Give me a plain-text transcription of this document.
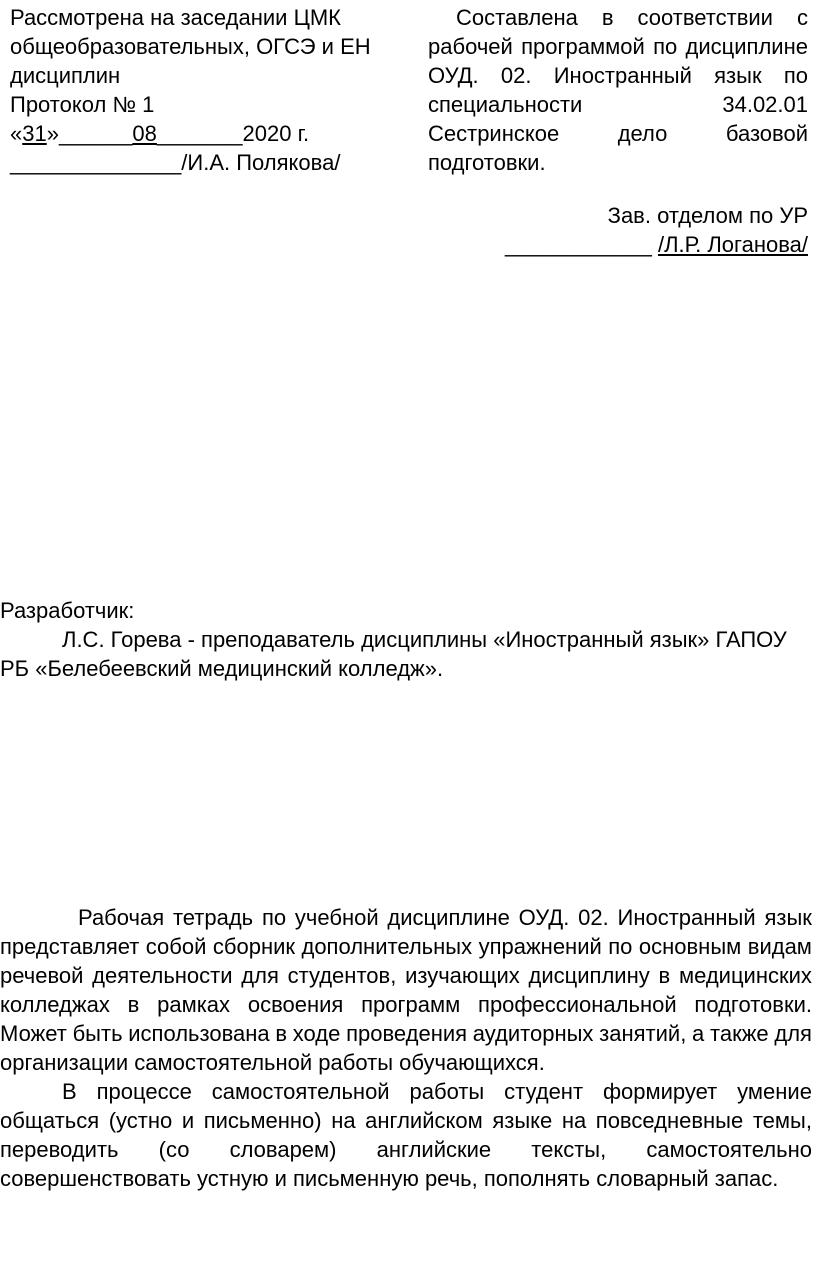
Рассмотрена на заседании ЦМК
общеобразовательных, ОГСЭ и ЕН
дисциплин
Протокол № 1
«31»______08_______2020 г.
______________/И.А. Полякова/
Составлена в соответствии с
рабочей программой по дисциплине
ОУД. 02. Иностранный язык по
специальности	34.02.01
Сестринское	дело	базовой
подготовки.
Зав. отделом по УР
____________ /Л.Р. Логанова/
Разработчик:
Л.С. Горева - преподаватель дисциплины «Иностранный язык» ГАПОУ
РБ «Белебеевский медицинский колледж».
Рабочая тетрадь по учебной дисциплине ОУД. 02. Иностранный язык
представляет собой сборник дополнительных упражнений по основным видам
речевой деятельности для студентов, изучающих дисциплину в медицинских
колледжах в рамках освоения программ профессиональной подготовки.
Может быть использована в ходе проведения аудиторных занятий, а также для
организации самостоятельной работы обучающихся.
В процессе самостоятельной работы студент формирует умение
общаться (устно и письменно) на английском языке на повседневные темы,
переводить (со словарем) английские тексты, самостоятельно
совершенствовать устную и письменную речь, пополнять словарный запас.
